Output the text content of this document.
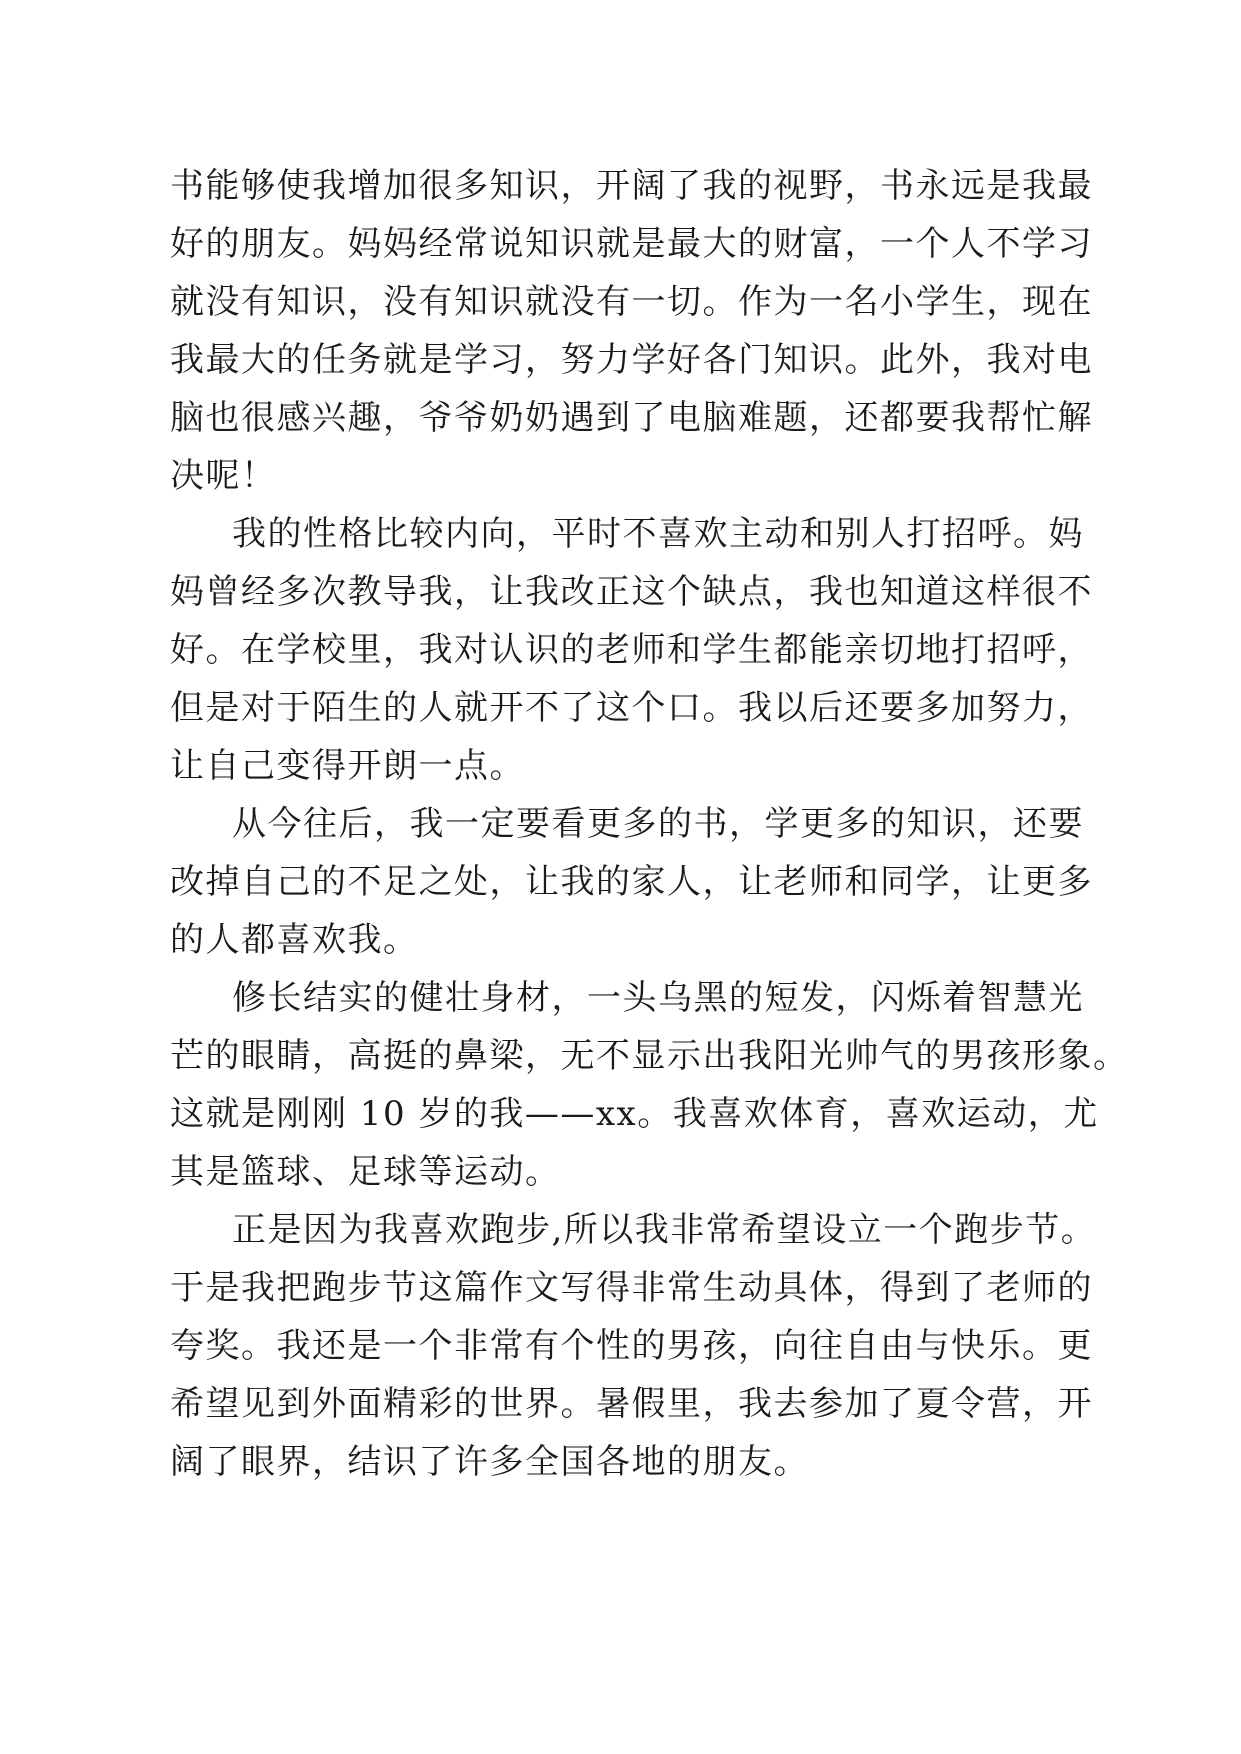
书能够使我增加很多知识，开阔了我的视野，书永远是我最
好的朋友。妈妈经常说知识就是最大的财富，一个人不学习
就没有知识，没有知识就没有一切。作为一名小学生，现在
我最大的任务就是学习，努力学好各门知识。此外，我对电
脑也很感兴趣，爷爷奶奶遇到了电脑难题，还都要我帮忙解
决呢！
我的性格比较内向，平时不喜欢主动和别人打招呼。妈
妈曾经多次教导我，让我改正这个缺点，我也知道这样很不
好。在学校里，我对认识的老师和学生都能亲切地打招呼，
但是对于陌生的人就开不了这个口。我以后还要多加努力，
让自己变得开朗一点。
从今往后，我一定要看更多的书，学更多的知识，还要
改掉自己的不足之处，让我的家人，让老师和同学，让更多
的人都喜欢我。
修长结实的健壮身材，一头乌黑的短发，闪烁着智慧光
芒的眼睛，高挺的鼻梁，无不显示出我阳光帅气的男孩形象。
这就是刚刚 10 岁的我——xx。我喜欢体育，喜欢运动，尤
其是篮球、足球等运动。
正是因为我喜欢跑步,所以我非常希望设立一个跑步节。
于是我把跑步节这篇作文写得非常生动具体，得到了老师的
夸奖。我还是一个非常有个性的男孩，向往自由与快乐。更
希望见到外面精彩的世界。暑假里，我去参加了夏令营，开
阔了眼界，结识了许多全国各地的朋友。
